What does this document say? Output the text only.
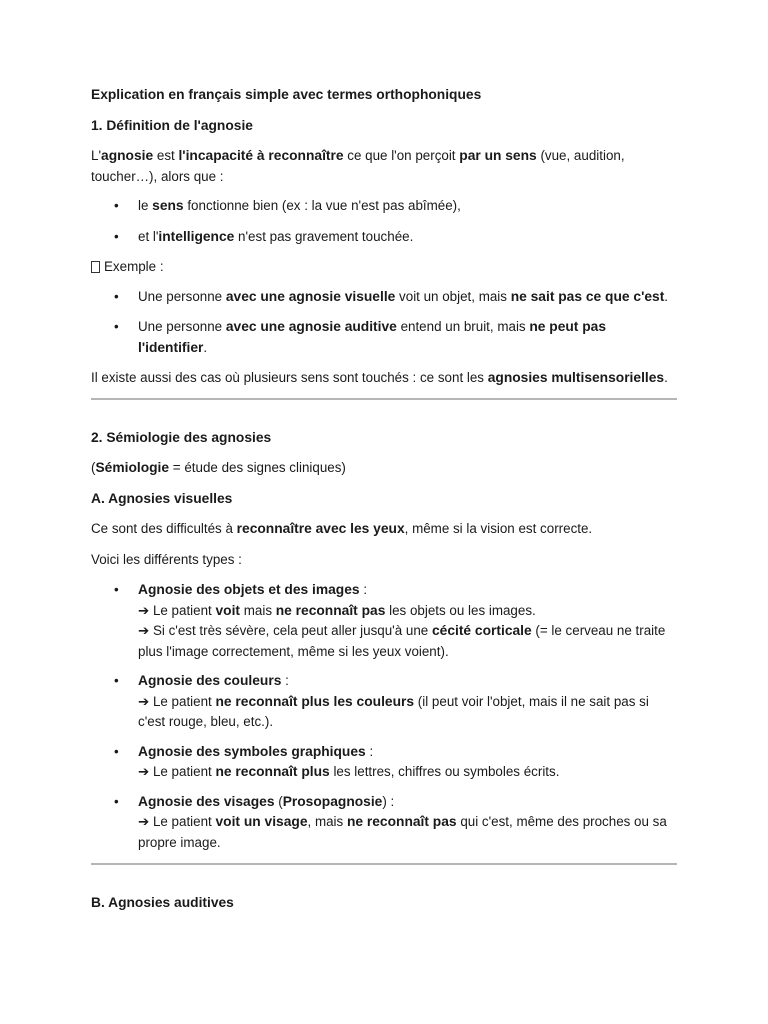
Explication en français simple avec termes orthophoniques

1. Définition de l'agnosie

L'agnosie est l'incapacité à reconnaître ce que l'on perçoit par un sens (vue, audition, toucher…), alors que :

• le sens fonctionne bien (ex : la vue n'est pas abîmée),
• et l'intelligence n'est pas gravement touchée.

Exemple :

• Une personne avec une agnosie visuelle voit un objet, mais ne sait pas ce que c'est.
• Une personne avec une agnosie auditive entend un bruit, mais ne peut pas l'identifier.

Il existe aussi des cas où plusieurs sens sont touchés : ce sont les agnosies multisensorielles.

2. Sémiologie des agnosies

(Sémiologie = étude des signes cliniques)

A. Agnosies visuelles

Ce sont des difficultés à reconnaître avec les yeux, même si la vision est correcte.

Voici les différents types :

• Agnosie des objets et des images :
➔ Le patient voit mais ne reconnaît pas les objets ou les images.
➔ Si c'est très sévère, cela peut aller jusqu'à une cécité corticale (= le cerveau ne traite plus l'image correctement, même si les yeux voient).
• Agnosie des couleurs :
➔ Le patient ne reconnaît plus les couleurs (il peut voir l'objet, mais il ne sait pas si c'est rouge, bleu, etc.).
• Agnosie des symboles graphiques :
➔ Le patient ne reconnaît plus les lettres, chiffres ou symboles écrits.
• Agnosie des visages (Prosopagnosie) :
➔ Le patient voit un visage, mais ne reconnaît pas qui c'est, même des proches ou sa propre image.

B. Agnosies auditives
